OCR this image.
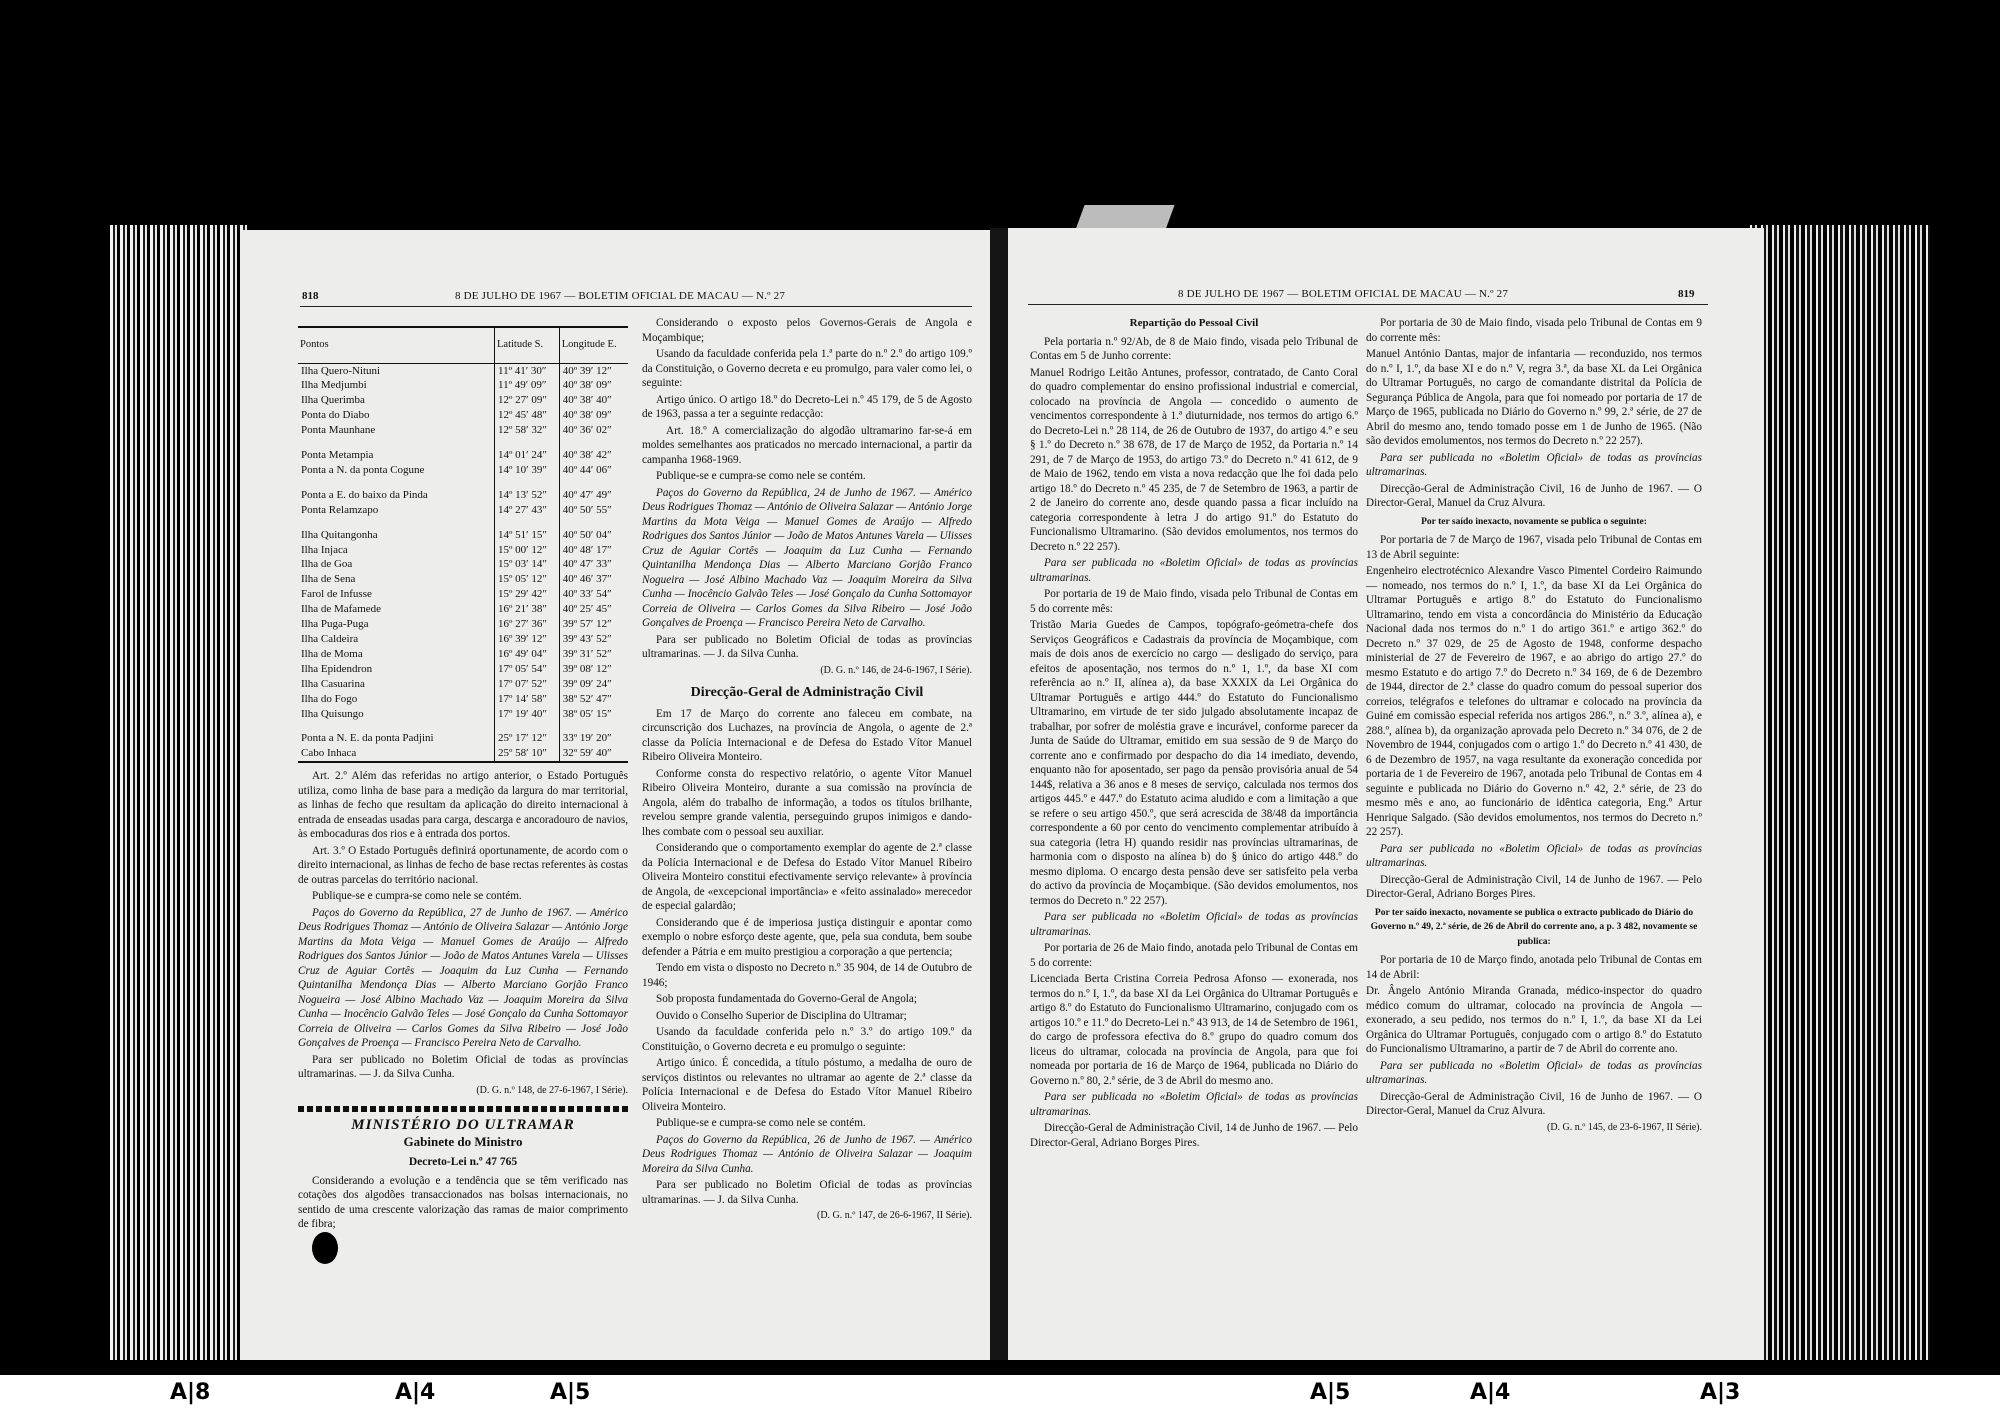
818	8 DE JULHO DE 1967 — BOLETIM OFICIAL DE MACAU — N.º 27
Pontos	Latitude S.	Longitude E.
Ilha Quero-Nituni	11º 41′ 30″	40º 39′ 12″
Ilha Medjumbi	11º 49′ 09″	40º 38′ 09″
Ilha Querimba	12º 27′ 09″	40º 38′ 40″
Ponta do Diabo	12º 45′ 48″	40º 38′ 09″
Ponta Maunhane	12º 58′ 32″	40º 36′ 02″
Ponta Metampia	14º 01′ 24″	40º 38′ 42″
Ponta a N. da ponta Cogune	14º 10′ 39″	40º 44′ 06″
Ponta a E. do baixo da Pinda	14º 13′ 52″	40º 47′ 49″
Ponta Relamzapo	14º 27′ 43″	40º 50′ 55″
Ilha Quitangonha	14º 51′ 15″	40º 50′ 04″
Ilha Injaca	15º 00′ 12″	40º 48′ 17″
Ilha de Goa	15º 03′ 14″	40º 47′ 33″
Ilha de Sena	15º 05′ 12″	40º 46′ 37″
Farol de Infusse	15º 29′ 42″	40º 33′ 54″
Ilha de Mafamede	16º 21′ 38″	40º 25′ 45″
Ilha Puga-Puga	16º 27′ 36″	39º 57′ 12″
Ilha Caldeira	16º 39′ 12″	39º 43′ 52″
Ilha de Moma	16º 49′ 04″	39º 31′ 52″
Ilha Epidendron	17º 05′ 54″	39º 08′ 12″
Ilha Casuarina	17º 07′ 52″	39º 09′ 24″
Ilha do Fogo	17º 14′ 58″	38º 52′ 47″
Ilha Quisungo	17º 19′ 40″	38º 05′ 15″
Ponta a N. E. da ponta Padjini	25º 17′ 12″	33º 19′ 20″
Cabo Inhaca	25º 58′ 10″	32º 59′ 40″

Art. 2.º Além das referidas no artigo anterior, o Estado Português utiliza, como linha de base para a medição da largura do mar territorial, as linhas de fecho que resultam da aplicação do direito internacional à entrada de enseadas usadas para carga, descarga e ancoradouro de navios, às embocaduras dos rios e à entrada dos portos.

Art. 3.º O Estado Português definirá oportunamente, de acordo com o direito internacional, as linhas de fecho de base rectas referentes às costas de outras parcelas do território nacional.

Publique-se e cumpra-se como nele se contém.

Paços do Governo da República, 27 de Junho de 1967. — Américo Deus Rodrigues Thomaz — António de Oliveira Salazar — António Jorge Martins da Mota Veiga — Manuel Gomes de Araújo — Alfredo Rodrigues dos Santos Júnior — João de Matos Antunes Varela — Ulisses Cruz de Aguiar Cortês — Joaquim da Luz Cunha — Fernando Quintanilha Mendonça Dias — Alberto Marciano Gorjão Franco Nogueira — José Albino Machado Vaz — Joaquim Moreira da Silva Cunha — Inocêncio Galvão Teles — José Gonçalo da Cunha Sottomayor Correia de Oliveira — Carlos Gomes da Silva Ribeiro — José João Gonçalves de Proença — Francisco Pereira Neto de Carvalho.

Para ser publicado no Boletim Oficial de todas as províncias ultramarinas. — J. da Silva Cunha.

(D. G. n.º 148, de 27-6-1967, I Série).

MINISTÉRIO DO ULTRAMAR
Gabinete do Ministro
Decreto-Lei n.º 47 765

Considerando a evolução e a tendência que se têm verificado nas cotações dos algodões transaccionados nas bolsas internacionais, no sentido de uma crescente valorização das ramas de maior comprimento de fibra;

Considerando o exposto pelos Governos-Gerais de Angola e Moçambique;

Usando da faculdade conferida pela 1.ª parte do n.º 2.º do artigo 109.º da Constituição, o Governo decreta e eu promulgo, para valer como lei, o seguinte:

Artigo único. O artigo 18.º do Decreto-Lei n.º 45 179, de 5 de Agosto de 1963, passa a ter a seguinte redacção:

Art. 18.º A comercialização do algodão ultramarino far-se-á em moldes semelhantes aos praticados no mercado internacional, a partir da campanha 1968-1969.

Publique-se e cumpra-se como nele se contém.

Paços do Governo da República, 24 de Junho de 1967. — Américo Deus Rodrigues Thomaz — António de Oliveira Salazar — António Jorge Martins da Mota Veiga — Manuel Gomes de Araújo — Alfredo Rodrigues dos Santos Júnior — João de Matos Antunes Varela — Ulisses Cruz de Aguiar Cortês — Joaquim da Luz Cunha — Fernando Quintanilha Mendonça Dias — Alberto Marciano Gorjão Franco Nogueira — José Albino Machado Vaz — Joaquim Moreira da Silva Cunha — Inocêncio Galvão Teles — José Gonçalo da Cunha Sottomayor Correia de Oliveira — Carlos Gomes da Silva Ribeiro — José João Gonçalves de Proença — Francisco Pereira Neto de Carvalho.

Para ser publicado no Boletim Oficial de todas as províncias ultramarinas. — J. da Silva Cunha.

(D. G. n.º 146, de 24-6-1967, I Série).

Direcção-Geral de Administração Civil

Em 17 de Março do corrente ano faleceu em combate, na circunscrição dos Luchazes, na província de Angola, o agente de 2.ª classe da Polícia Internacional e de Defesa do Estado Vítor Manuel Ribeiro Oliveira Monteiro.

Conforme consta do respectivo relatório, o agente Vítor Manuel Ribeiro Oliveira Monteiro, durante a sua comissão na província de Angola, além do trabalho de informação, a todos os títulos brilhante, revelou sempre grande valentia, perseguindo grupos inimigos e dando-lhes combate com o pessoal seu auxiliar.

Considerando que o comportamento exemplar do agente de 2.ª classe da Polícia Internacional e de Defesa do Estado Vítor Manuel Ribeiro Oliveira Monteiro constitui efectivamente serviço relevante» à província de Angola, de «excepcional importância» e «feito assinalado» merecedor de especial galardão;

Considerando que é de imperiosa justiça distinguir e apontar como exemplo o nobre esforço deste agente, que, pela sua conduta, bem soube defender a Pátria e em muito prestigiou a corporação a que pertencia;

Tendo em vista o disposto no Decreto n.º 35 904, de 14 de Outubro de 1946;

Sob proposta fundamentada do Governo-Geral de Angola;

Ouvido o Conselho Superior de Disciplina do Ultramar;

Usando da faculdade conferida pelo n.º 3.º do artigo 109.º da Constituição, o Governo decreta e eu promulgo o seguinte:

Artigo único. É concedida, a título póstumo, a medalha de ouro de serviços distintos ou relevantes no ultramar ao agente de 2.ª classe da Polícia Internacional e de Defesa do Estado Vítor Manuel Ribeiro Oliveira Monteiro.

Publique-se e cumpra-se como nele se contém.

Paços do Governo da República, 26 de Junho de 1967. — Américo Deus Rodrigues Thomaz — António de Oliveira Salazar — Joaquim Moreira da Silva Cunha.

Para ser publicado no Boletim Oficial de todas as províncias ultramarinas. — J. da Silva Cunha.

(D. G. n.º 147, de 26-6-1967, II Série).

8 DE JULHO DE 1967 — BOLETIM OFICIAL DE MACAU — N.º 27	819
Repartição do Pessoal Civil

Pela portaria n.º 92/Ab, de 8 de Maio findo, visada pelo Tribunal de Contas em 5 de Junho corrente:

Manuel Rodrigo Leitão Antunes, professor, contratado, de Canto Coral do quadro complementar do ensino profissional industrial e comercial, colocado na província de Angola — concedido o aumento de vencimentos correspondente à 1.ª diuturnidade, nos termos do artigo 6.º do Decreto-Lei n.º 28 114, de 26 de Outubro de 1937, do artigo 4.º e seu § 1.º do Decreto n.º 38 678, de 17 de Março de 1952, da Portaria n.º 14 291, de 7 de Março de 1953, do artigo 73.º do Decreto n.º 41 612, de 9 de Maio de 1962, tendo em vista a nova redacção que lhe foi dada pelo artigo 18.º do Decreto n.º 45 235, de 7 de Setembro de 1963, a partir de 2 de Janeiro do corrente ano, desde quando passa a ficar incluído na categoria correspondente à letra J do artigo 91.º do Estatuto do Funcionalismo Ultramarino. (São devidos emolumentos, nos termos do Decreto n.º 22 257).

Para ser publicada no «Boletim Oficial» de todas as províncias ultramarinas.

Por portaria de 19 de Maio findo, visada pelo Tribunal de Contas em 5 do corrente mês:

Tristão Maria Guedes de Campos, topógrafo-geómetra-chefe dos Serviços Geográficos e Cadastrais da província de Moçambique, com mais de dois anos de exercício no cargo — desligado do serviço, para efeitos de aposentação, nos termos do n.º 1, 1.º, da base XI com referência ao n.º II, alínea a), da base XXXIX da Lei Orgânica do Ultramar Português e artigo 444.º do Estatuto do Funcionalismo Ultramarino, em virtude de ter sido julgado absolutamente incapaz de trabalhar, por sofrer de moléstia grave e incurável, conforme parecer da Junta de Saúde do Ultramar, emitido em sua sessão de 9 de Março do corrente ano e confirmado por despacho do dia 14 imediato, devendo, enquanto não for aposentado, ser pago da pensão provisória anual de 54 144$, relativa a 36 anos e 8 meses de serviço, calculada nos termos dos artigos 445.º e 447.º do Estatuto acima aludido e com a limitação a que se refere o seu artigo 450.º, que será acrescida de 38/48 da importância correspondente a 60 por cento do vencimento complementar atribuído à sua categoria (letra H) quando residir nas províncias ultramarinas, de harmonia com o disposto na alínea b) do § único do artigo 448.º do mesmo diploma. O encargo desta pensão deve ser satisfeito pela verba do activo da província de Moçambique. (São devidos emolumentos, nos termos do Decreto n.º 22 257).

Para ser publicada no «Boletim Oficial» de todas as províncias ultramarinas.

Por portaria de 26 de Maio findo, anotada pelo Tribunal de Contas em 5 do corrente:

Licenciada Berta Cristina Correia Pedrosa Afonso — exonerada, nos termos do n.º I, 1.º, da base XI da Lei Orgânica do Ultramar Português e artigo 8.º do Estatuto do Funcionalismo Ultramarino, conjugado com os artigos 10.º e 11.º do Decreto-Lei n.º 43 913, de 14 de Setembro de 1961, do cargo de professora efectiva do 8.º grupo do quadro comum dos liceus do ultramar, colocada na província de Angola, para que foi nomeada por portaria de 16 de Março de 1964, publicada no Diário do Governo n.º 80, 2.ª série, de 3 de Abril do mesmo ano.

Para ser publicada no «Boletim Oficial» de todas as províncias ultramarinas.

Direcção-Geral de Administração Civil, 14 de Junho de 1967. — Pelo Director-Geral, Adriano Borges Pires.

Por portaria de 30 de Maio findo, visada pelo Tribunal de Contas em 9 do corrente mês:

Manuel António Dantas, major de infantaria — reconduzido, nos termos do n.º I, 1.º, da base XI e do n.º V, regra 3.ª, da base XL da Lei Orgânica do Ultramar Português, no cargo de comandante distrital da Polícia de Segurança Pública de Angola, para que foi nomeado por portaria de 17 de Março de 1965, publicada no Diário do Governo n.º 99, 2.ª série, de 27 de Abril do mesmo ano, tendo tomado posse em 1 de Junho de 1965. (Não são devidos emolumentos, nos termos do Decreto n.º 22 257).

Para ser publicada no «Boletim Oficial» de todas as províncias ultramarinas.

Direcção-Geral de Administração Civil, 16 de Junho de 1967. — O Director-Geral, Manuel da Cruz Alvura.

Por ter saído inexacto, novamente se publica o seguinte:

Por portaria de 7 de Março de 1967, visada pelo Tribunal de Contas em 13 de Abril seguinte:

Engenheiro electrotécnico Alexandre Vasco Pimentel Cordeiro Raimundo — nomeado, nos termos do n.º I, 1.º, da base XI da Lei Orgânica do Ultramar Português e artigo 8.º do Estatuto do Funcionalismo Ultramarino, tendo em vista a concordância do Ministério da Educação Nacional dada nos termos do n.º 1 do artigo 361.º e artigo 362.º do Decreto n.º 37 029, de 25 de Agosto de 1948, conforme despacho ministerial de 27 de Fevereiro de 1967, e ao abrigo do artigo 27.º do mesmo Estatuto e do artigo 7.º do Decreto n.º 34 169, de 6 de Dezembro de 1944, director de 2.ª classe do quadro comum do pessoal superior dos correios, telégrafos e telefones do ultramar e colocado na província da Guiné em comissão especial referida nos artigos 286.º, n.º 3.º, alínea a), e 288.º, alínea b), da organização aprovada pelo Decreto n.º 34 076, de 2 de Novembro de 1944, conjugados com o artigo 1.º do Decreto n.º 41 430, de 6 de Dezembro de 1957, na vaga resultante da exoneração concedida por portaria de 1 de Fevereiro de 1967, anotada pelo Tribunal de Contas em 4 seguinte e publicada no Diário do Governo n.º 42, 2.ª série, de 23 do mesmo mês e ano, ao funcionário de idêntica categoria, Eng.º Artur Henrique Salgado. (São devidos emolumentos, nos termos do Decreto n.º 22 257).

Para ser publicada no «Boletim Oficial» de todas as províncias ultramarinas.

Direcção-Geral de Administração Civil, 14 de Junho de 1967. — Pelo Director-Geral, Adriano Borges Pires.

Por ter saído inexacto, novamente se publica o extracto publicado do Diário do Governo n.º 49, 2.ª série, de 26 de Abril do corrente ano, a p. 3 482, novamente se publica:

Por portaria de 10 de Março findo, anotada pelo Tribunal de Contas em 14 de Abril:

Dr. Ângelo António Miranda Granada, médico-inspector do quadro médico comum do ultramar, colocado na província de Angola — exonerado, a seu pedido, nos termos do n.º I, 1.º, da base XI da Lei Orgânica do Ultramar Português, conjugado com o artigo 8.º do Estatuto do Funcionalismo Ultramarino, a partir de 7 de Abril do corrente ano.

Para ser publicada no «Boletim Oficial» de todas as províncias ultramarinas.

Direcção-Geral de Administração Civil, 16 de Junho de 1967. — O Director-Geral, Manuel da Cruz Alvura.

(D. G. n.º 145, de 23-6-1967, II Série).

A|8	A|4	A|5	A|5	A|4	A|3
